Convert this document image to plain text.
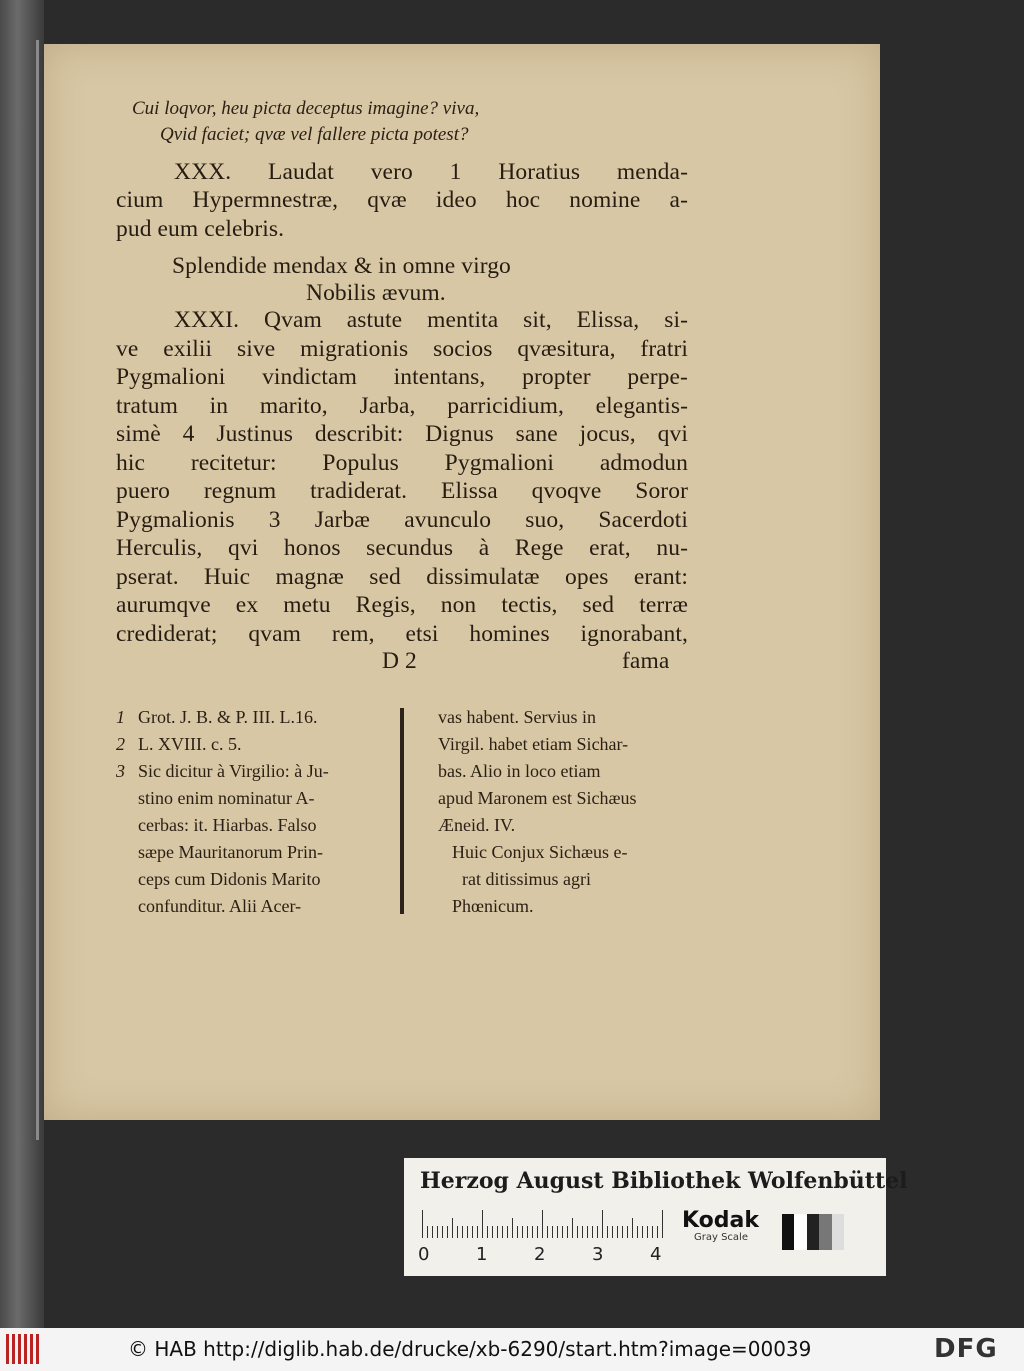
Cui loqvor, heu picta deceptus imagine? viva,
Qvid faciet; qvæ vel fallere picta potest?
XXX. Laudat vero 1 Horatius menda-
cium Hypermnestræ, qvæ ideo hoc nomine a-
pud eum celebris.
Splendide mendax & in omne virgo
Nobilis ævum.
XXXI. Qvam astute mentita sit, Elissa, si-
ve exilii sive migrationis socios qvæsitura, fratri
Pygmalioni vindictam intentans, propter perpe-
tratum in marito, Jarba, parricidium, elegantis-
simè 4 Justinus describit: Dignus sane jocus, qvi
hic recitetur: Populus Pygmalioni admodun
puero regnum tradiderat. Elissa qvoqve Soror
Pygmalionis 3 Jarbæ avunculo suo, Sacerdoti
Herculis, qvi honos secundus à Rege erat, nu-
pserat. Huic magnæ sed dissimulatæ opes erant:
aurumqve ex metu Regis, non tectis, sed terræ
crediderat; qvam rem, etsi homines ignorabant,
D 2	fama
1 Grot. J. B. & P. III. L.16.
2 L. XVIII. c. 5.
3 Sic dicitur à Virgilio: à Ju-
stino enim nominatur A-
cerbas: it. Hiarbas. Falso
sæpe Mauritanorum Prin-
ceps cum Didonis Marito
confunditur. Alii Acer-
vas habent. Servius in
Virgil. habet etiam Sichar-
bas. Alio in loco etiam
apud Maronem est Sichæus
Æneid. IV.
Huic Conjux Sichæus e-
rat ditissimus agri
Phœnicum.
Herzog August Bibliothek Wolfenbüttel
0	1	2	3	4
Kodak
Gray Scale
© HAB http://diglib.hab.de/drucke/xb-6290/start.htm?image=00039	DFG
